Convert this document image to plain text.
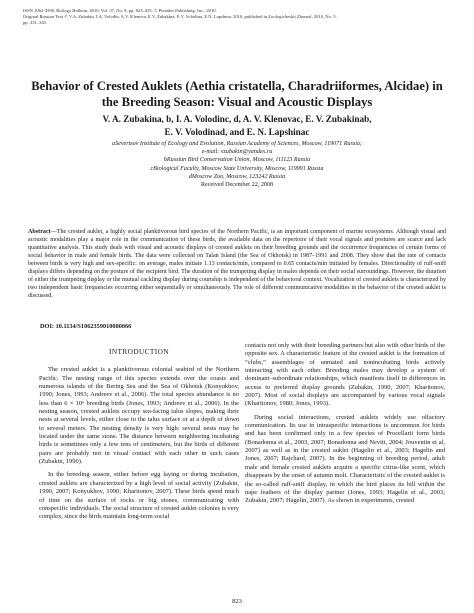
ISSN 1062-3590, Biology Bulletin, 2010, Vol. 37, No. 8, pp. 823–835. © Pleiades Publishing, Inc., 2010.
Original Russian Text © V.A. Zubakin, I.A. Volodin, A.V. Klenova, E.V. Zubakina, E.V. Volodina, E.N. Lapshina, 2010, published in Zoologicheskii Zhurnal, 2010, No. 5,
pp. 331–345.
Behavior of Crested Auklets (Aethia cristatella, Charadriiformes, Alcidae) in the Breeding Season: Visual and Acoustic Displays
V. A. Zubakina, b, I. A. Volodinc, d, A. V. Klenovac, E. V. Zubakinab,
E. V. Volodinad, and E. N. Lapshinac
aSevertsov Institute of Ecology and Evolution, Russian Academy of Sciences, Moscow, 119071 Russia;
e-mail: vzubakin@yandex.ru
bRussian Bird Conservation Union, Moscow, 111123 Russia
cBiological Faculty, Moscow State University, Moscow, 119991 Russia
dMoscow Zoo, Moscow, 123242 Russia
Received December 22, 2008
Abstract—The crested auklet, a highly social planktivorous bird species of the Northern Pacific, is an important component of marine ecosystems. Although visual and acoustic modalities play a major role in the communication of these birds, the available data on the repertoire of their vocal signals and postures are scarce and lack quantitative analysis. This study deals with visual and acoustic displays of crested auklets on their breeding grounds and the occurrence frequencies of certain forms of social behavior in male and female birds. The data were collected on Talan Island (the Sea of Okhotsk) in 1987–1991 and 2008. They show that the rate of contacts between birds is very high and sex-specific: on average, males initiate 1.13 contacts/min, compared to 0.65 contacts/min initiated by females. Directionality of ruff-sniff displays differs depending on the posture of the recipient bird. The duration of the trumpeting display in males depends on their social surroundings. However, the duration of either the trumpeting display or the mutual cackling display during courtship is independent of the behavioral context. Vocalization of crested auklets is characterized by two independent basic frequencies occurring either sequentially or simultaneously. The role of different communicative modalities in the behavior of the crested auklet is discussed.
DOI: 10.1134/S1062359010080066
INTRODUCTION

The crested auklet is a planktivorous colonial seabird of the Northern Pacific. The nesting range of this species extends over the coasts and numerous islands of the Bering Sea and the Sea of Okhotsk (Konyukhov, 1990; Jones, 1993; Andreev et al., 2006). The total species abundance is no less than 6 × 10⁶ breeding birds (Jones, 1993; Andreev et al., 2006). In the nesting season, crested auklets occupy sea-facing talus slopes, making their nests at several levels, either close to the talus surface or at a depth of down to several meters. The nesting density is very high: several nests may be located under the same stone. The distance between neighboring incubating birds is sometimes only a few tens of centimeters, but the birds of different pairs are probably not in visual contact with each other in such cases (Zubakin, 1990).

In the breeding season, either before egg laying or during incubation, crested auklets are characterized by a high level of social activity (Zubakin, 1990, 2007; Konyukhov, 1990; Kharitonov, 2007). These birds spend much of time on the surface of rocks or big stones, communicating with conspecific individuals. The social structure of crested auklet colonies is very complex, since the birds maintain long-term social

contacts not only with their breeding partners but also with other birds of the opposite sex. A characteristic feature of the crested auklet is the formation of “clubs,” assemblages of unmated and nonincubating birds actively interacting with each other. Breeding males may develop a system of dominant–subordinate relationships, which manifests itself in differences in access to preferred display grounds (Zubakin, 1990, 2007; Kharitonov, 2007). Most of social displays are accompanied by various vocal signals (Kharitonov, 1980; Jones, 1993).

During social interactions, crested auklets widely use olfactory communication. Its use in intraspecific interactions is uncommon for birds and has been confirmed only in a few species of Procellarii form birds (Bonadonna et al., 2003, 2007; Bonadonna and Nevitt, 2004; Jouventin et al, 2007) as well as in the crested auklet (Hagelin et al., 2003; Hagelin and Jones, 2007; Rajchard, 2007). In the beginning of breeding period, adult male and female crested auklets acquire a specific citrus-like scent, which disappears by the onset of autumn molt. Characteristic of the crested auklet is the so-called ruff-sniff display, in which the bird places its bill within the nape feathers of the display partner (Jones, 1993; Hagelin et al., 2003; Zubakin, 2007; Hagelin, 2007). As shown in experiments, crested

823
